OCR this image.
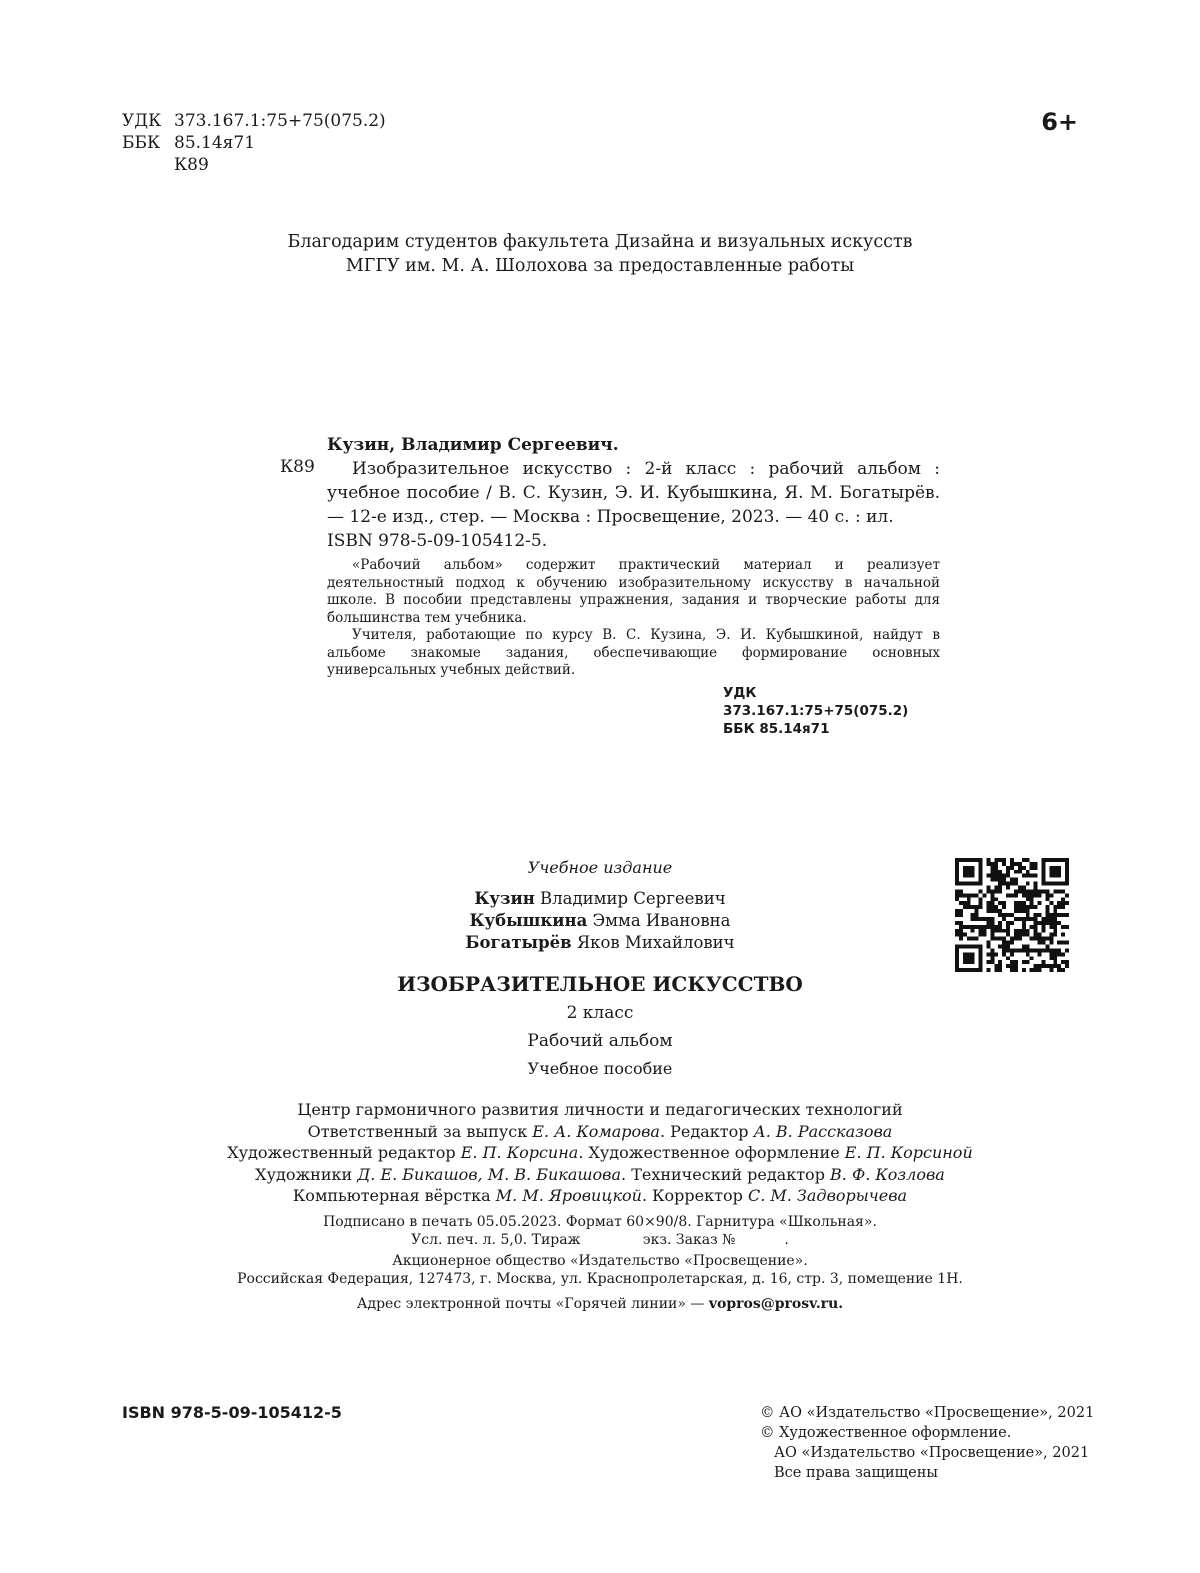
УДК 373.167.1:75+75(075.2)
ББК 85.14я71
К89
6+
Благодарим студентов факультета Дизайна и визуальных искусств
МГГУ им. М. А. Шолохова за предоставленные работы
К89
Кузин, Владимир Сергеевич.
Изобразительное искусство : 2-й класс : рабочий альбом : учебное пособие / В. С. Кузин, Э. И. Кубышкина, Я. М. Богатырёв. — 12-е изд., стер. — Москва : Просвещение, 2023. — 40 с. : ил.
ISBN 978-5-09-105412-5.

«Рабочий альбом» содержит практический материал и реализует деятельностный подход к обучению изобразительному искусству в начальной школе. В пособии представлены упражнения, задания и творческие работы для большинства тем учебника.

Учителя, работающие по курсу В. С. Кузина, Э. И. Кубышкиной, найдут в альбоме знакомые задания, обеспечивающие формирование основных универсальных учебных действий.

УДК 373.167.1:75+75(075.2)
ББК 85.14я71
Учебное издание
Кузин Владимир Сергеевич
Кубышкина Эмма Ивановна
Богатырёв Яков Михайлович
ИЗОБРАЗИТЕЛЬНОЕ ИСКУССТВО
2 класс
Рабочий альбом
Учебное пособие
Центр гармоничного развития личности и педагогических технологий
Ответственный за выпуск Е. А. Комарова. Редактор А. В. Рассказова
Художественный редактор Е. П. Корсина. Художественное оформление Е. П. Корсиной
Художники Д. Е. Бикашов, М. В. Бикашова. Технический редактор В. Ф. Козлова
Компьютерная вёрстка М. М. Яровицкой. Корректор С. М. Задворычева
Подписано в печать 05.05.2023. Формат 60×90/8. Гарнитура «Школьная».
Усл. печ. л. 5,0. Тираж              экз. Заказ №           .
Акционерное общество «Издательство «Просвещение».
Российская Федерация, 127473, г. Москва, ул. Краснопролетарская, д. 16, стр. 3, помещение 1Н.
Адрес электронной почты «Горячей линии» — vopros@prosv.ru.
ISBN 978-5-09-105412-5	© АО «Издательство «Просвещение», 2021
© Художественное оформление.
АО «Издательство «Просвещение», 2021
Все права защищены
